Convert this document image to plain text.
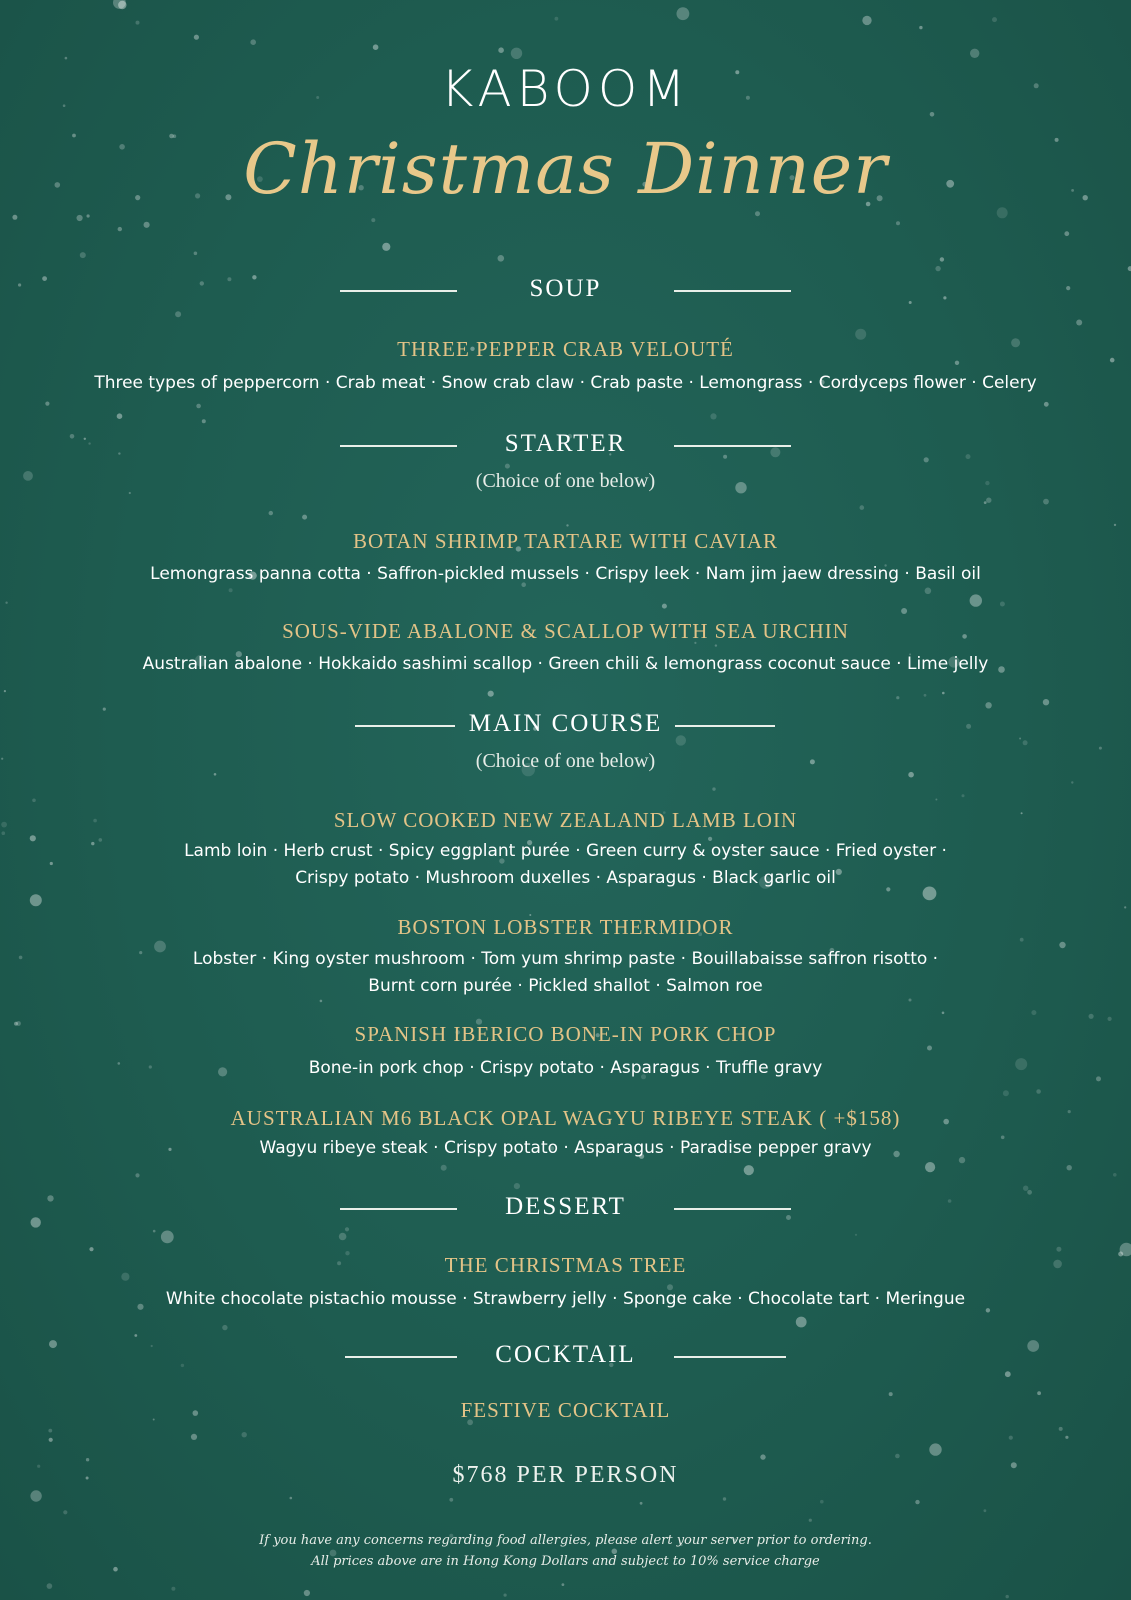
KABOOM
Christmas Dinner
SOUP
THREE PEPPER CRAB VELOUTÉ
Three types of peppercorn · Crab meat · Snow crab claw · Crab paste · Lemongrass · Cordyceps flower · Celery
STARTER
(Choice of one below)
BOTAN SHRIMP TARTARE WITH CAVIAR
Lemongrass panna cotta · Saffron-pickled mussels · Crispy leek · Nam jim jaew dressing · Basil oil
SOUS-VIDE ABALONE & SCALLOP WITH SEA URCHIN
Australian abalone · Hokkaido sashimi scallop · Green chili & lemongrass coconut sauce · Lime jelly
MAIN COURSE
(Choice of one below)
SLOW COOKED NEW ZEALAND LAMB LOIN
Lamb loin · Herb crust · Spicy eggplant purée · Green curry & oyster sauce · Fried oyster ·
Crispy potato · Mushroom duxelles · Asparagus · Black garlic oil
BOSTON LOBSTER THERMIDOR
Lobster · King oyster mushroom · Tom yum shrimp paste · Bouillabaisse saffron risotto ·
Burnt corn purée · Pickled shallot · Salmon roe
SPANISH IBERICO BONE-IN PORK CHOP
Bone-in pork chop · Crispy potato · Asparagus · Truffle gravy
AUSTRALIAN M6 BLACK OPAL WAGYU RIBEYE STEAK ( +$158)
Wagyu ribeye steak · Crispy potato · Asparagus · Paradise pepper gravy
DESSERT
THE CHRISTMAS TREE
White chocolate pistachio mousse · Strawberry jelly · Sponge cake · Chocolate tart · Meringue
COCKTAIL
FESTIVE COCKTAIL
$768 PER PERSON
If you have any concerns regarding food allergies, please alert your server prior to ordering.
All prices above are in Hong Kong Dollars and subject to 10% service charge
